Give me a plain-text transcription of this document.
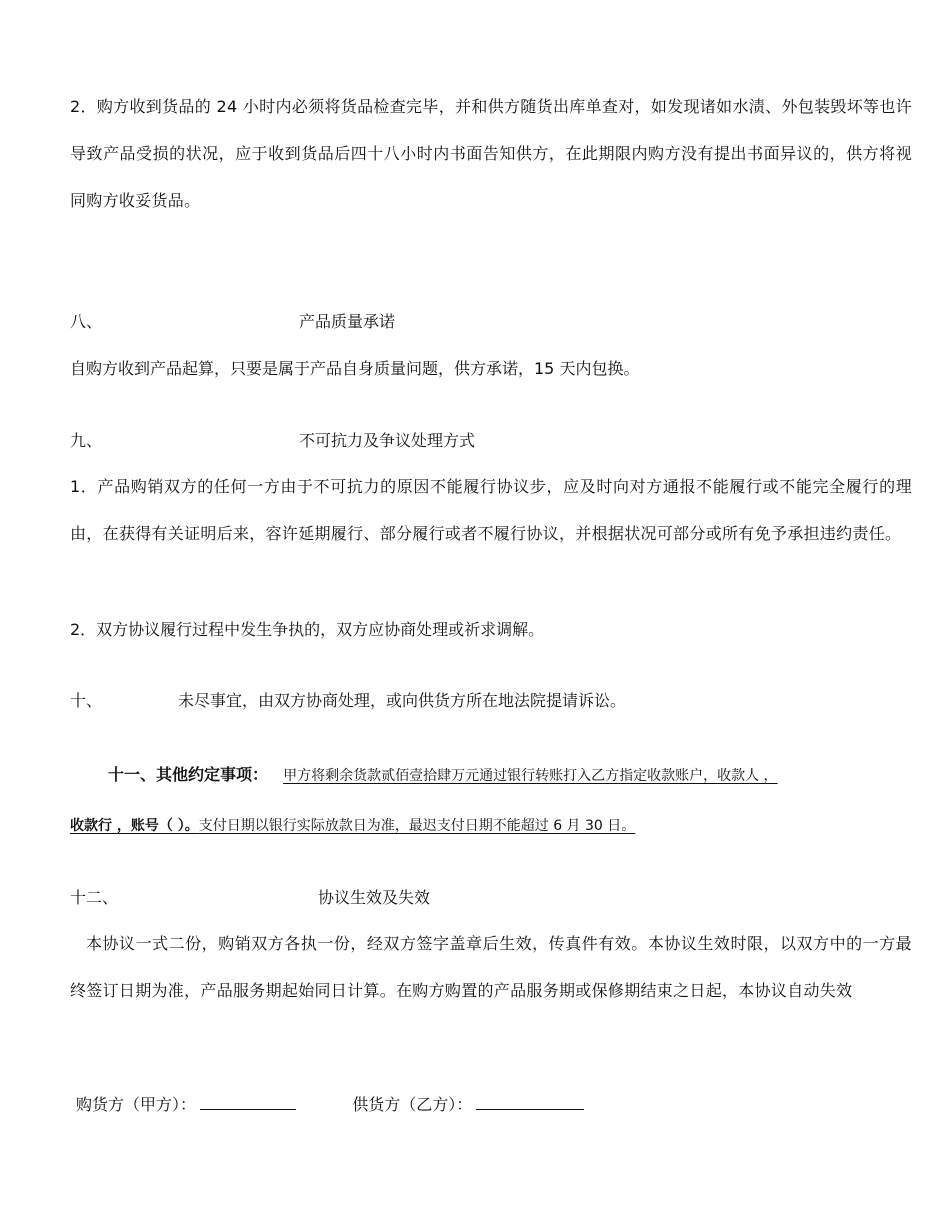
2．购方收到货品的 24 小时内必须将货品检查完毕，并和供方随货出库单查对，如发现诸如水渍、外包装毁坏等也许导致产品受损的状况，应于收到货品后四十八小时内书面告知供方，在此期限内购方没有提出书面异议的，供方将视同购方收妥货品。

八、	产品质量承诺

自购方收到产品起算，只要是属于产品自身质量问题，供方承诺，15 天内包换。

九、	不可抗力及争议处理方式

1．产品购销双方的任何一方由于不可抗力的原因不能履行协议步，应及时向对方通报不能履行或不能完全履行的理由，在获得有关证明后来，容许延期履行、部分履行或者不履行协议，并根据状况可部分或所有免予承担违约责任。

2．双方协议履行过程中发生争执的，双方应协商处理或祈求调解。

十、	未尽事宜，由双方协商处理，或向供货方所在地法院提请诉讼。
十一、其他约定事项： 甲方将剩余货款贰佰壹拾肆万元通过银行转账打入乙方指定收款账户，收款人 ，
收款行 ，账号（ ）。支付日期以银行实际放款日为准，最迟支付日期不能超过 6 月 30 日。
十二、	协议生效及失效

本协议一式二份，购销双方各执一份，经双方签字盖章后生效，传真件有效。本协议生效时限，以双方中的一方最终签订日期为准，产品服务期起始同日计算。在购方购置的产品服务期或保修期结束之日起，本协议自动失效

购货方（甲方）：	供货方（乙方）：
